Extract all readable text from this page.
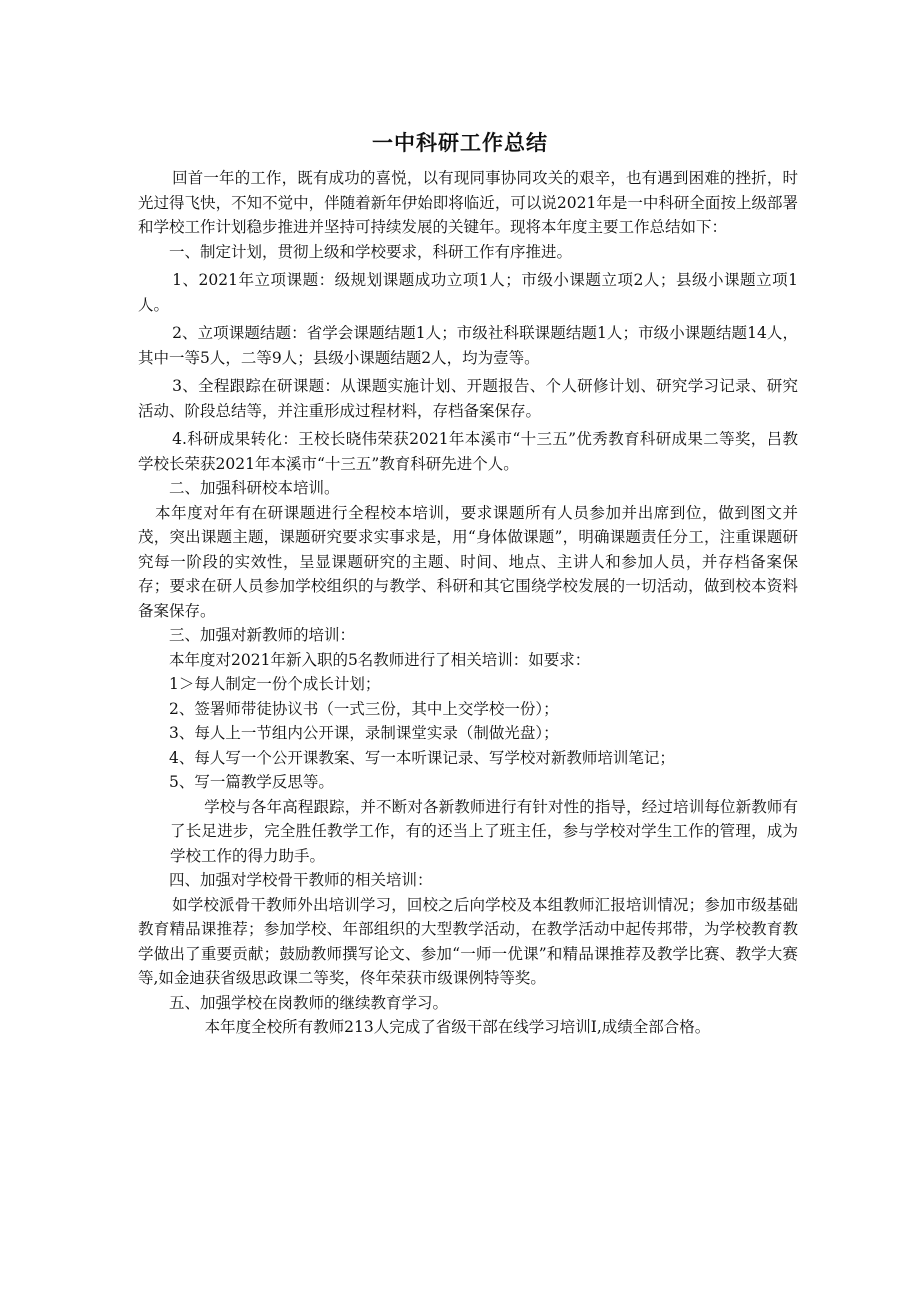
一中科研工作总结

回首一年的工作，既有成功的喜悦，以有现同事协同攻关的艰辛，也有遇到困难的挫折，时光过得飞快，不知不觉中，伴随着新年伊始即将临近，可以说2021年是一中科研全面按上级部署和学校工作计划稳步推进并坚持可持续发展的关键年。现将本年度主要工作总结如下：

一、制定计划，贯彻上级和学校要求，科研工作有序推进。

1、2021年立项课题：级规划课题成功立项1人；市级小课题立项2人；县级小课题立项1人。

2、立项课题结题：省学会课题结题1人；市级社科联课题结题1人；市级小课题结题14人，其中一等5人，二等9人；县级小课题结题2人，均为壹等。

3、全程跟踪在研课题：从课题实施计划、开题报告、个人研修计划、研究学习记录、研究活动、阶段总结等，并注重形成过程材料，存档备案保存。

4.科研成果转化：王校长晓伟荣获2021年本溪市“十三五”优秀教育科研成果二等奖，吕教学校长荣获2021年本溪市“十三五”教育科研先进个人。

二、加强科研校本培训。

本年度对年有在研课题进行全程校本培训，要求课题所有人员参加并出席到位，做到图文并茂，突出课题主题，课题研究要求实事求是，用“身体做课题”，明确课题责任分工，注重课题研究每一阶段的实效性，呈显课题研究的主题、时间、地点、主讲人和参加人员，并存档备案保存；要求在研人员参加学校组织的与教学、科研和其它围绕学校发展的一切活动，做到校本资料备案保存。

三、加强对新教师的培训：

本年度对2021年新入职的5名教师进行了相关培训：如要求：

1＞每人制定一份个成长计划；

2、签署师带徒协议书（一式三份，其中上交学校一份）；

3、每人上一节组内公开课，录制课堂实录（制做光盘）；

4、每人写一个公开课教案、写一本听课记录、写学校对新教师培训笔记；

5、写一篇教学反思等。

学校与各年高程跟踪，并不断对各新教师进行有针对性的指导，经过培训每位新教师有了长足进步，完全胜任教学工作，有的还当上了班主任，参与学校对学生工作的管理，成为学校工作的得力助手。

四、加强对学校骨干教师的相关培训：

如学校派骨干教师外出培训学习，回校之后向学校及本组教师汇报培训情况；参加市级基础教育精品课推荐；参加学校、年部组织的大型教学活动，在教学活动中起传邦带，为学校教育教学做出了重要贡献；鼓励教师撰写论文、参加“一师一优课”和精品课推荐及教学比赛、教学大赛等,如金迪获省级思政课二等奖，佟年荣获市级课例特等奖。

五、加强学校在岗教师的继续教育学习。

本年度全校所有教师213人完成了省级干部在线学习培训I,成绩全部合格。
